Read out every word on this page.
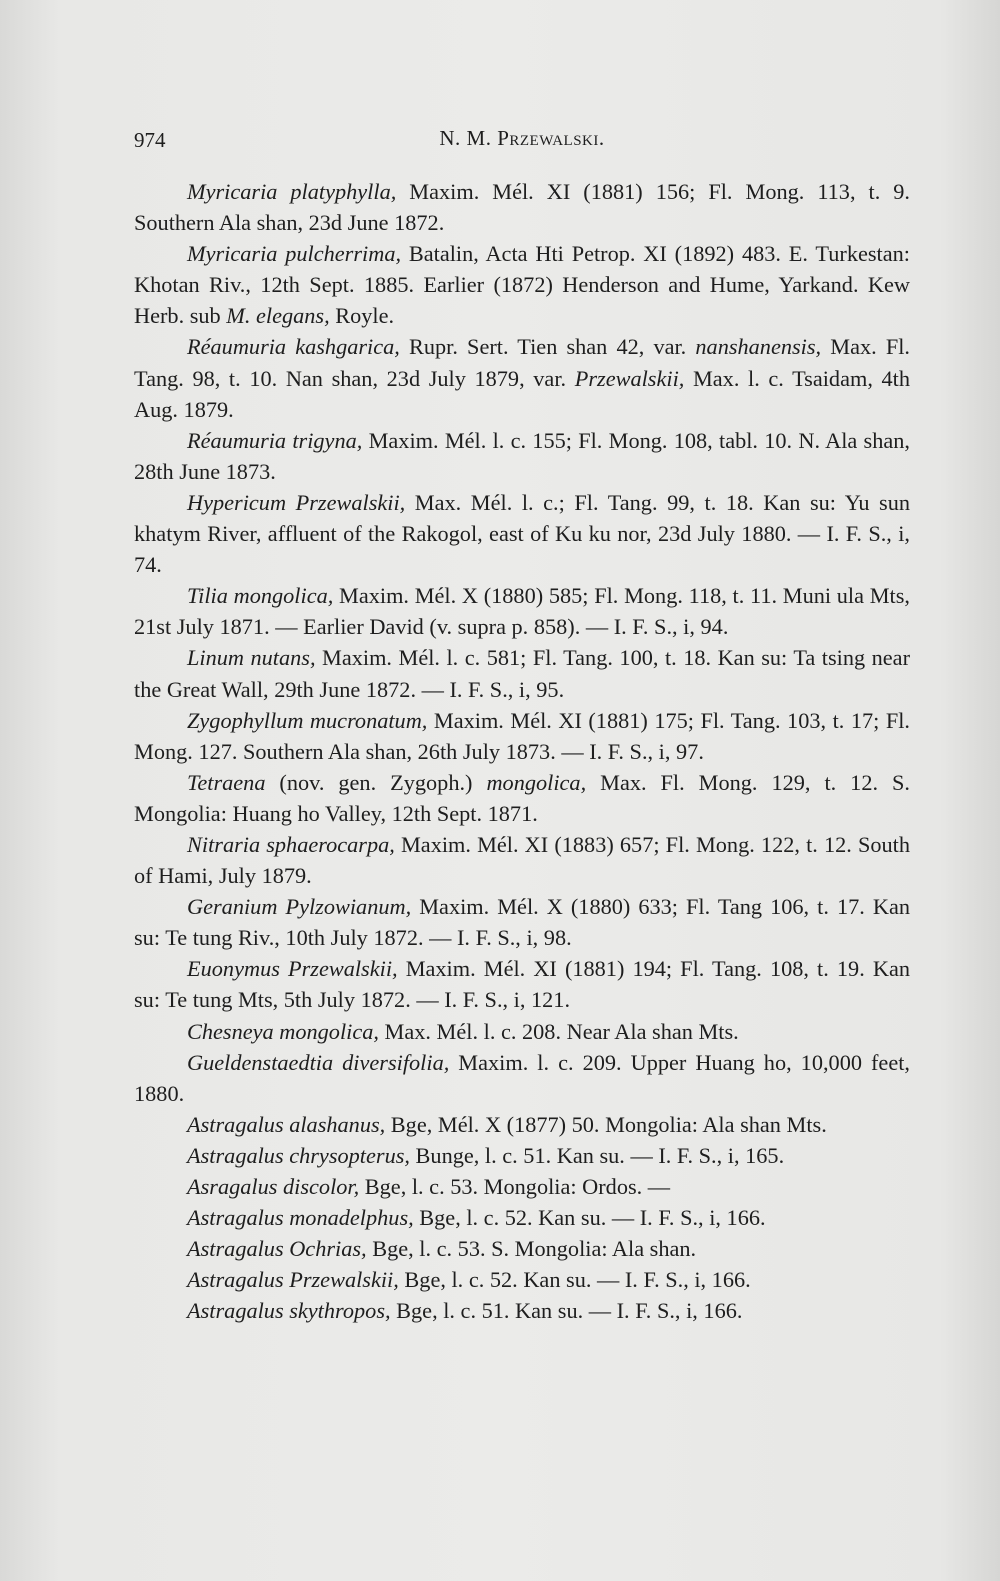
974	N. M. Przewalski.

Myricaria platyphylla, Maxim. Mél. XI (1881) 156; Fl. Mong. 113, t. 9. Southern Ala shan, 23d June 1872.

Myricaria pulcherrima, Batalin, Acta Hti Petrop. XI (1892) 483. E. Turkestan: Khotan Riv., 12th Sept. 1885. Earlier (1872) Henderson and Hume, Yarkand. Kew Herb. sub M. elegans, Royle.

Réaumuria kashgarica, Rupr. Sert. Tien shan 42, var. nanshanensis, Max. Fl. Tang. 98, t. 10. Nan shan, 23d July 1879, var. Przewalskii, Max. l. c. Tsaidam, 4th Aug. 1879.

Réaumuria trigyna, Maxim. Mél. l. c. 155; Fl. Mong. 108, tabl. 10. N. Ala shan, 28th June 1873.

Hypericum Przewalskii, Max. Mél. l. c.; Fl. Tang. 99, t. 18. Kan su: Yu sun khatym River, affluent of the Rakogol, east of Ku ku nor, 23d July 1880. — I. F. S., i, 74.

Tilia mongolica, Maxim. Mél. X (1880) 585; Fl. Mong. 118, t. 11. Muni ula Mts, 21st July 1871. — Earlier David (v. supra p. 858). — I. F. S., i, 94.

Linum nutans, Maxim. Mél. l. c. 581; Fl. Tang. 100, t. 18. Kan su: Ta tsing near the Great Wall, 29th June 1872. — I. F. S., i, 95.

Zygophyllum mucronatum, Maxim. Mél. XI (1881) 175; Fl. Tang. 103, t. 17; Fl. Mong. 127. Southern Ala shan, 26th July 1873. — I. F. S., i, 97.

Tetraena (nov. gen. Zygoph.) mongolica, Max. Fl. Mong. 129, t. 12. S. Mongolia: Huang ho Valley, 12th Sept. 1871.

Nitraria sphaerocarpa, Maxim. Mél. XI (1883) 657; Fl. Mong. 122, t. 12. South of Hami, July 1879.

Geranium Pylzowianum, Maxim. Mél. X (1880) 633; Fl. Tang 106, t. 17. Kan su: Te tung Riv., 10th July 1872. — I. F. S., i, 98.

Euonymus Przewalskii, Maxim. Mél. XI (1881) 194; Fl. Tang. 108, t. 19. Kan su: Te tung Mts, 5th July 1872. — I. F. S., i, 121.

Chesneya mongolica, Max. Mél. l. c. 208. Near Ala shan Mts.

Gueldenstaedtia diversifolia, Maxim. l. c. 209. Upper Huang ho, 10,000 feet, 1880.

Astragalus alashanus, Bge, Mél. X (1877) 50. Mongolia: Ala shan Mts.

Astragalus chrysopterus, Bunge, l. c. 51. Kan su. — I. F. S., i, 165.

Asragalus discolor, Bge, l. c. 53. Mongolia: Ordos. —

Astragalus monadelphus, Bge, l. c. 52. Kan su. — I. F. S., i, 166.

Astragalus Ochrias, Bge, l. c. 53. S. Mongolia: Ala shan.

Astragalus Przewalskii, Bge, l. c. 52. Kan su. — I. F. S., i, 166.

Astragalus skythropos, Bge, l. c. 51. Kan su. — I. F. S., i, 166.
